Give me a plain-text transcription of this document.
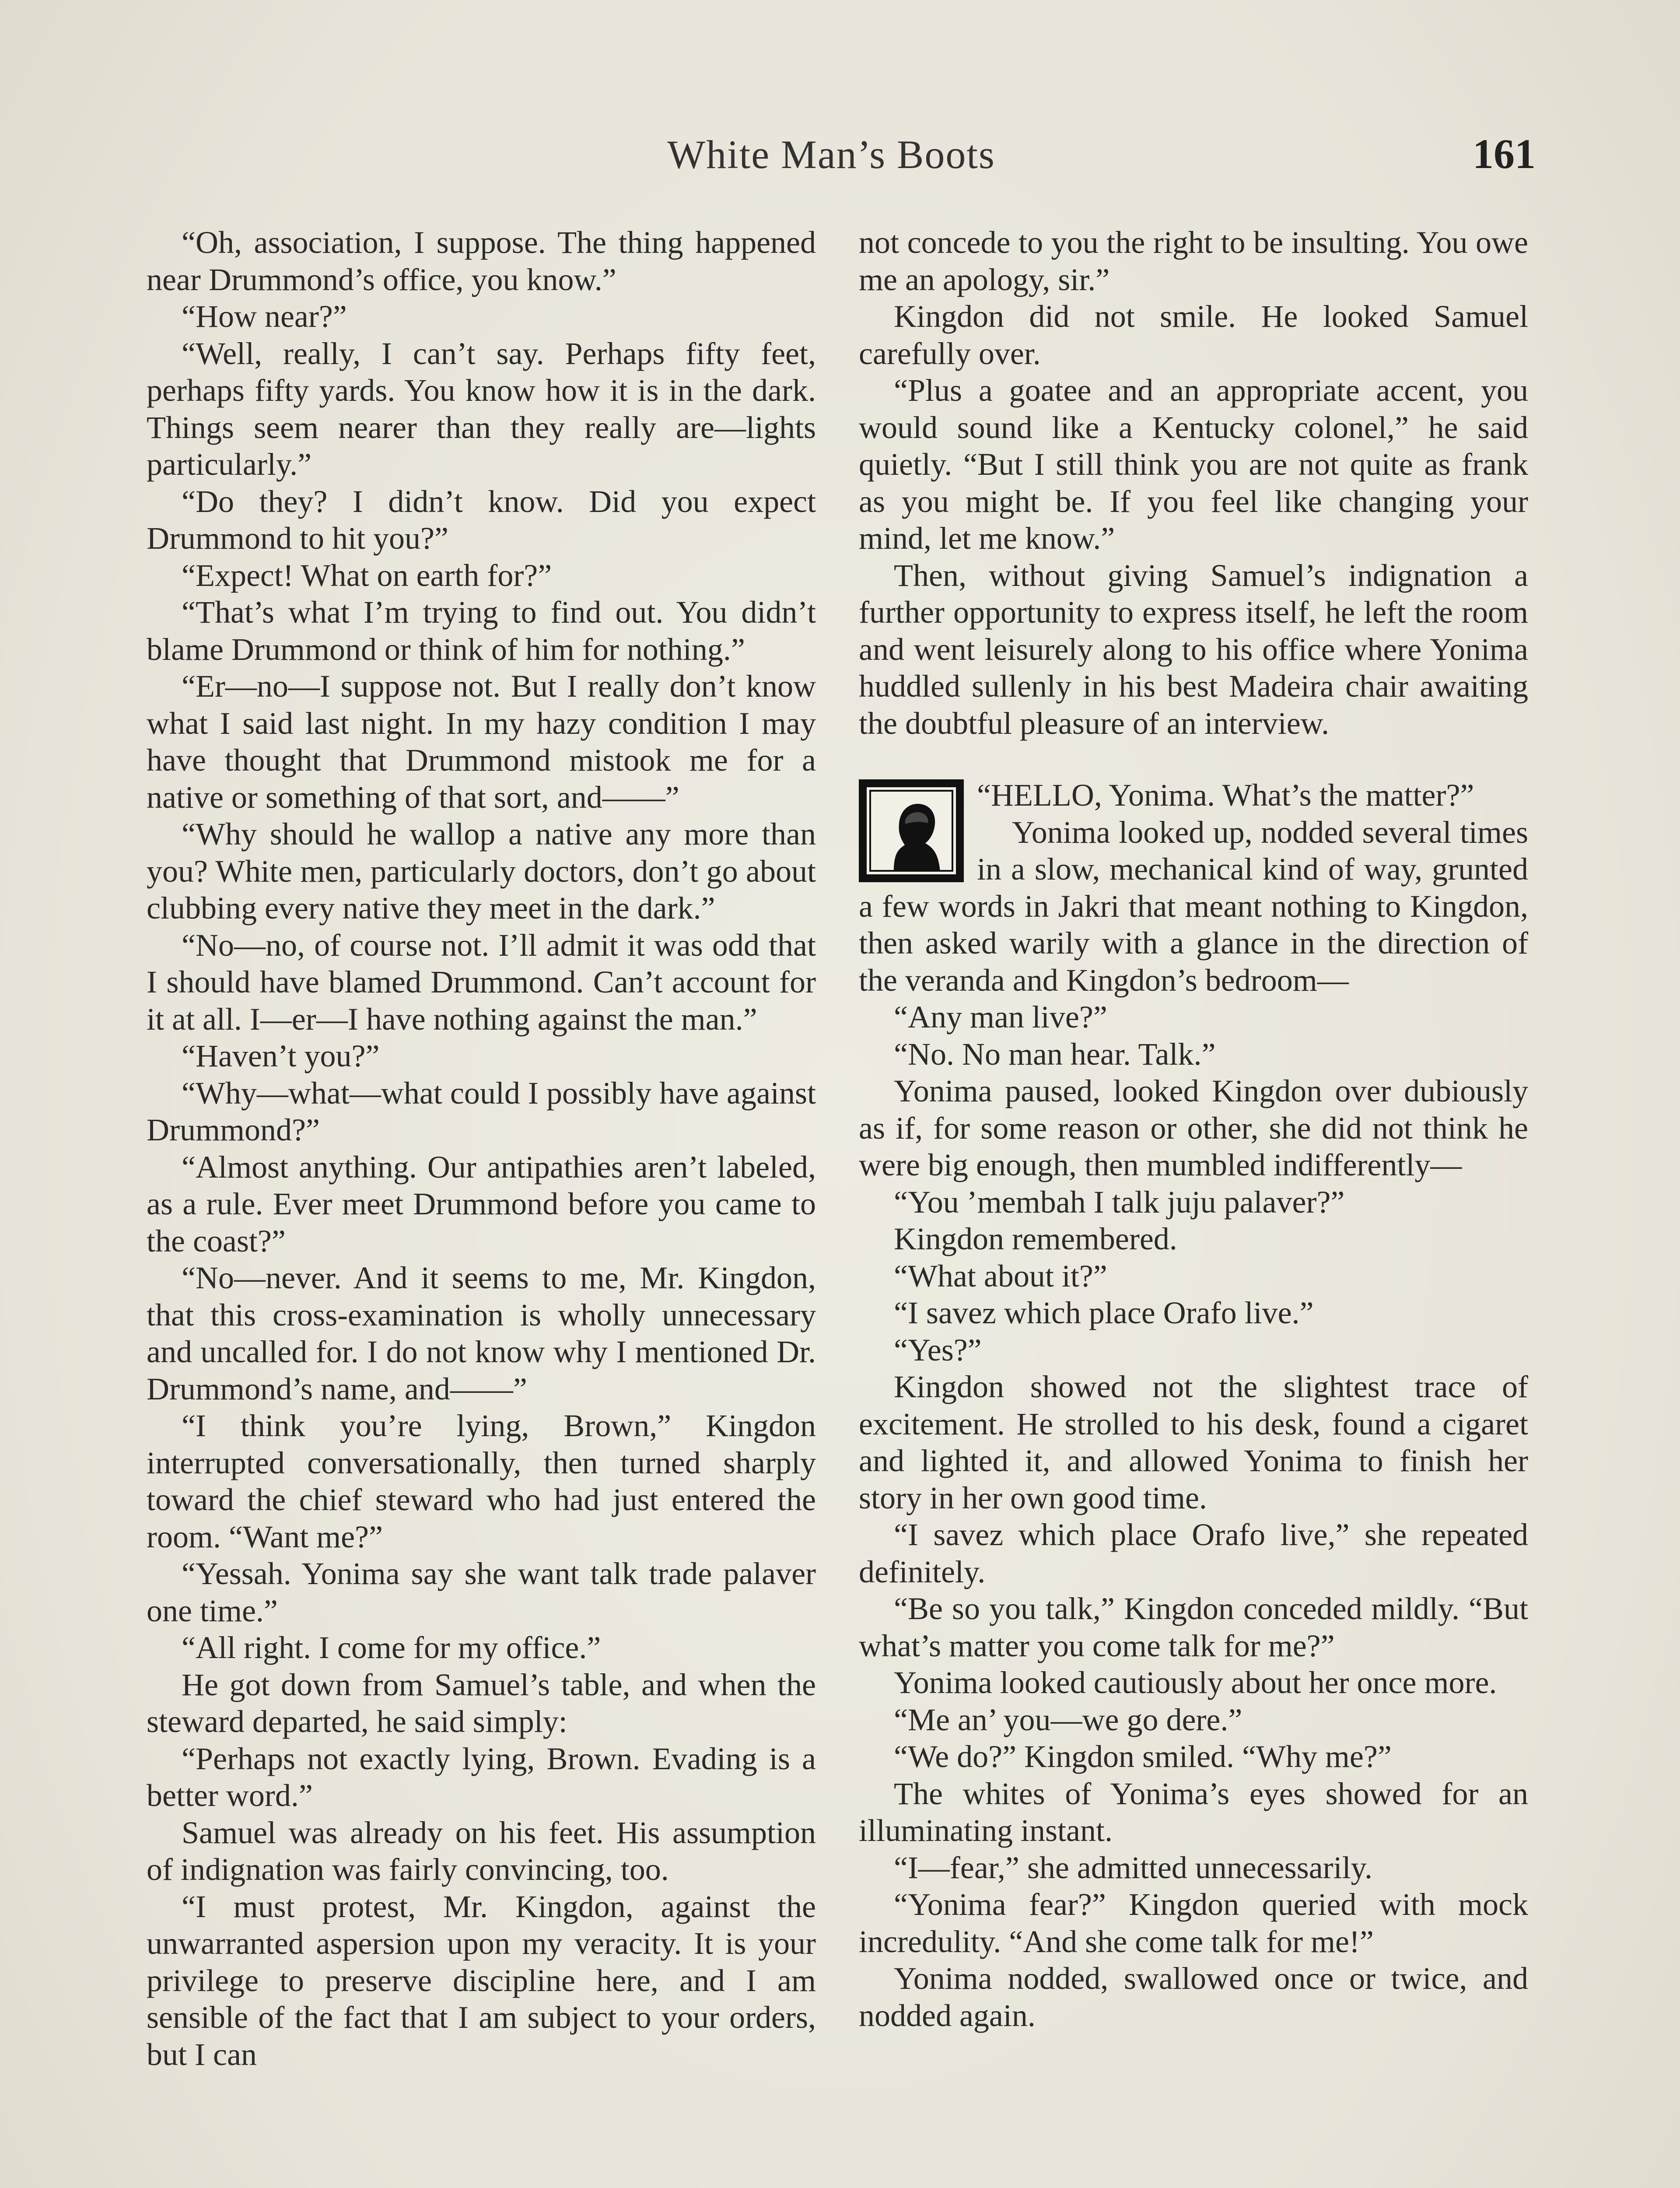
White Man’s Boots	161

“Oh, association, I suppose. The thing happened near Drummond’s office, you know.”

“How near?”

“Well, really, I can’t say. Perhaps fifty feet, perhaps fifty yards. You know how it is in the dark. Things seem nearer than they really are—lights particularly.”

“Do they? I didn’t know. Did you expect Drummond to hit you?”

“Expect! What on earth for?”

“That’s what I’m trying to find out. You didn’t blame Drummond or think of him for nothing.”

“Er—no—I suppose not. But I really don’t know what I said last night. In my hazy condition I may have thought that Drummond mistook me for a native or something of that sort, and——”

“Why should he wallop a native any more than you? White men, particularly doctors, don’t go about clubbing every native they meet in the dark.”

“No—no, of course not. I’ll admit it was odd that I should have blamed Drummond. Can’t account for it at all. I—er—I have nothing against the man.”

“Haven’t you?”

“Why—what—what could I possibly have against Drummond?”

“Almost anything. Our antipathies aren’t labeled, as a rule. Ever meet Drummond before you came to the coast?”

“No—never. And it seems to me, Mr. Kingdon, that this cross-examination is wholly unnecessary and uncalled for. I do not know why I mentioned Dr. Drummond’s name, and——”

“I think you’re lying, Brown,” Kingdon interrupted conversationally, then turned sharply toward the chief steward who had just entered the room. “Want me?”

“Yessah. Yonima say she want talk trade palaver one time.”

“All right. I come for my office.”

He got down from Samuel’s table, and when the steward departed, he said simply:

“Perhaps not exactly lying, Brown. Evading is a better word.”

Samuel was already on his feet. His assumption of indignation was fairly convincing, too.

“I must protest, Mr. Kingdon, against the unwarranted aspersion upon my veracity. It is your privilege to preserve discipline here, and I am sensible of the fact that I am subject to your orders, but I can

not concede to you the right to be insulting. You owe me an apology, sir.”

Kingdon did not smile. He looked Samuel carefully over.

“Plus a goatee and an appropriate accent, you would sound like a Kentucky colonel,” he said quietly. “But I still think you are not quite as frank as you might be. If you feel like changing your mind, let me know.”

Then, without giving Samuel’s indignation a further opportunity to express itself, he left the room and went leisurely along to his office where Yonima huddled sullenly in his best Madeira chair awaiting the doubtful pleasure of an interview.

“HELLO, Yonima. What’s the matter?”

Yonima looked up, nodded several times in a slow, mechanical kind of way, grunted a few words in Jakri that meant nothing to Kingdon, then asked warily with a glance in the direction of the veranda and Kingdon’s bedroom—

“Any man live?”

“No. No man hear. Talk.”

Yonima paused, looked Kingdon over dubiously as if, for some reason or other, she did not think he were big enough, then mumbled indifferently—

“You ’membah I talk juju palaver?”

Kingdon remembered.

“What about it?”

“I savez which place Orafo live.”

“Yes?”

Kingdon showed not the slightest trace of excitement. He strolled to his desk, found a cigaret and lighted it, and allowed Yonima to finish her story in her own good time.

“I savez which place Orafo live,” she repeated definitely.

“Be so you talk,” Kingdon conceded mildly. “But what’s matter you come talk for me?”

Yonima looked cautiously about her once more.

“Me an’ you—we go dere.”

“We do?” Kingdon smiled. “Why me?”

The whites of Yonima’s eyes showed for an illuminating instant.

“I—fear,” she admitted unnecessarily.

“Yonima fear?” Kingdon queried with mock incredulity. “And she come talk for me!”

Yonima nodded, swallowed once or twice, and nodded again.
